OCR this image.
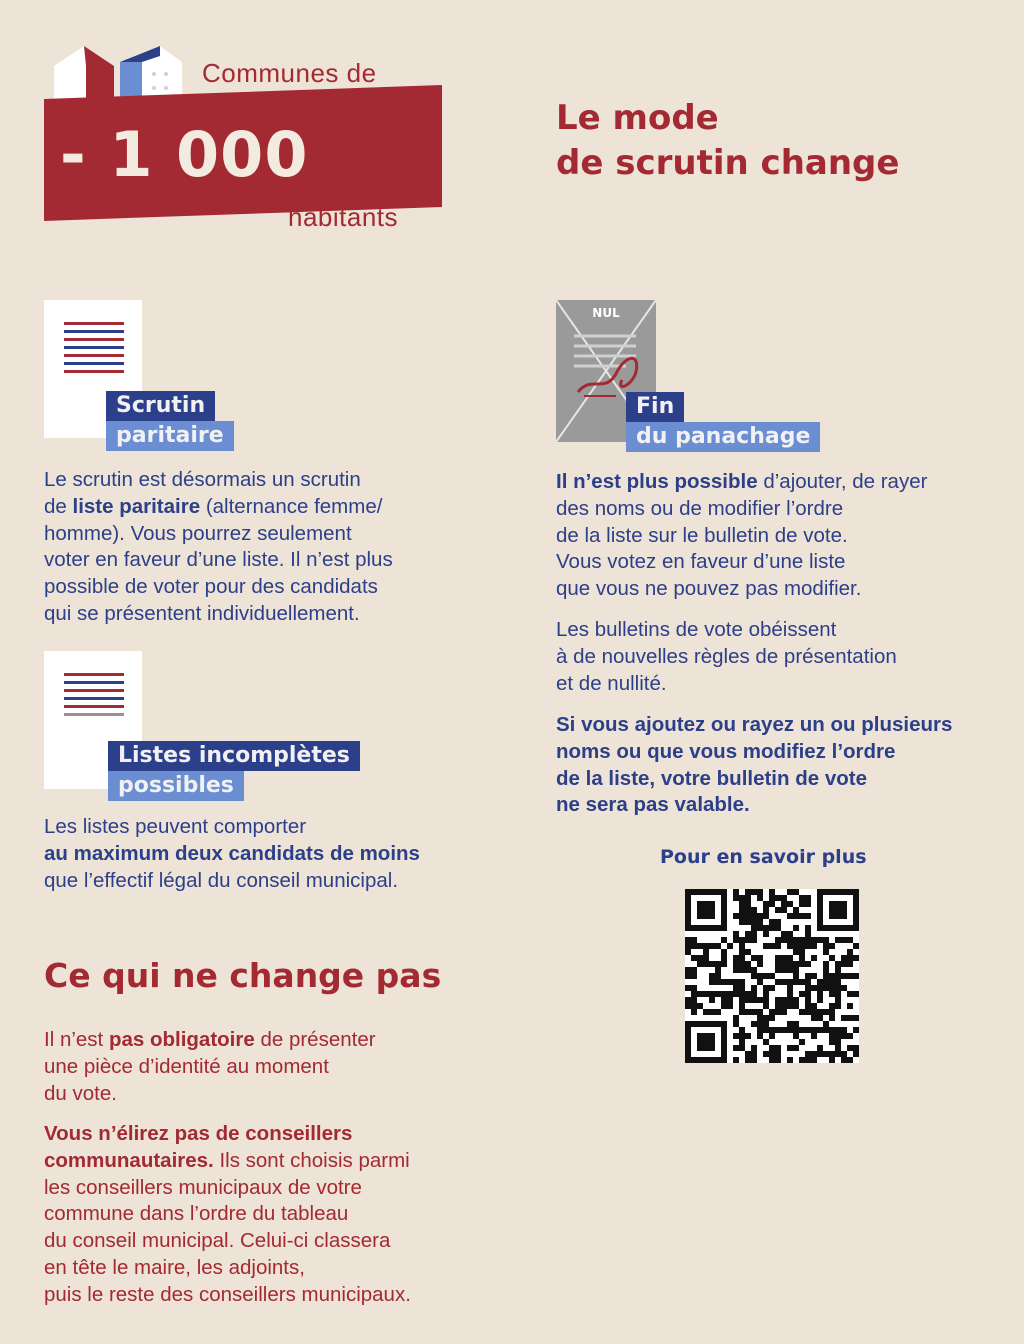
Communes de
- 1 000
habitants
Le mode
de scrutin change
Scrutin
paritaire
Le scrutin est désormais un scrutin
de liste paritaire (alternance femme/
homme). Vous pourrez seulement
voter en faveur d’une liste. Il n’est plus
possible de voter pour des candidats
qui se présentent individuellement.
Listes incomplètes
possibles
Les listes peuvent comporter
au maximum deux candidats de moins
que l’effectif légal du conseil municipal.
Ce qui ne change pas
Il n’est pas obligatoire de présenter
une pièce d’identité au moment
du vote.
Vous n’élirez pas de conseillers
communautaires. Ils sont choisis parmi
les conseillers municipaux de votre
commune dans l’ordre du tableau
du conseil municipal. Celui-ci classera
en tête le maire, les adjoints,
puis le reste des conseillers municipaux.
NUL
Fin
du panachage
Il n’est plus possible d’ajouter, de rayer
des noms ou de modifier l’ordre
de la liste sur le bulletin de vote.
Vous votez en faveur d’une liste
que vous ne pouvez pas modifier.
Les bulletins de vote obéissent
à de nouvelles règles de présentation
et de nullité.
Si vous ajoutez ou rayez un ou plusieurs
noms ou que vous modifiez l’ordre
de la liste, votre bulletin de vote
ne sera pas valable.
Pour en savoir plus
